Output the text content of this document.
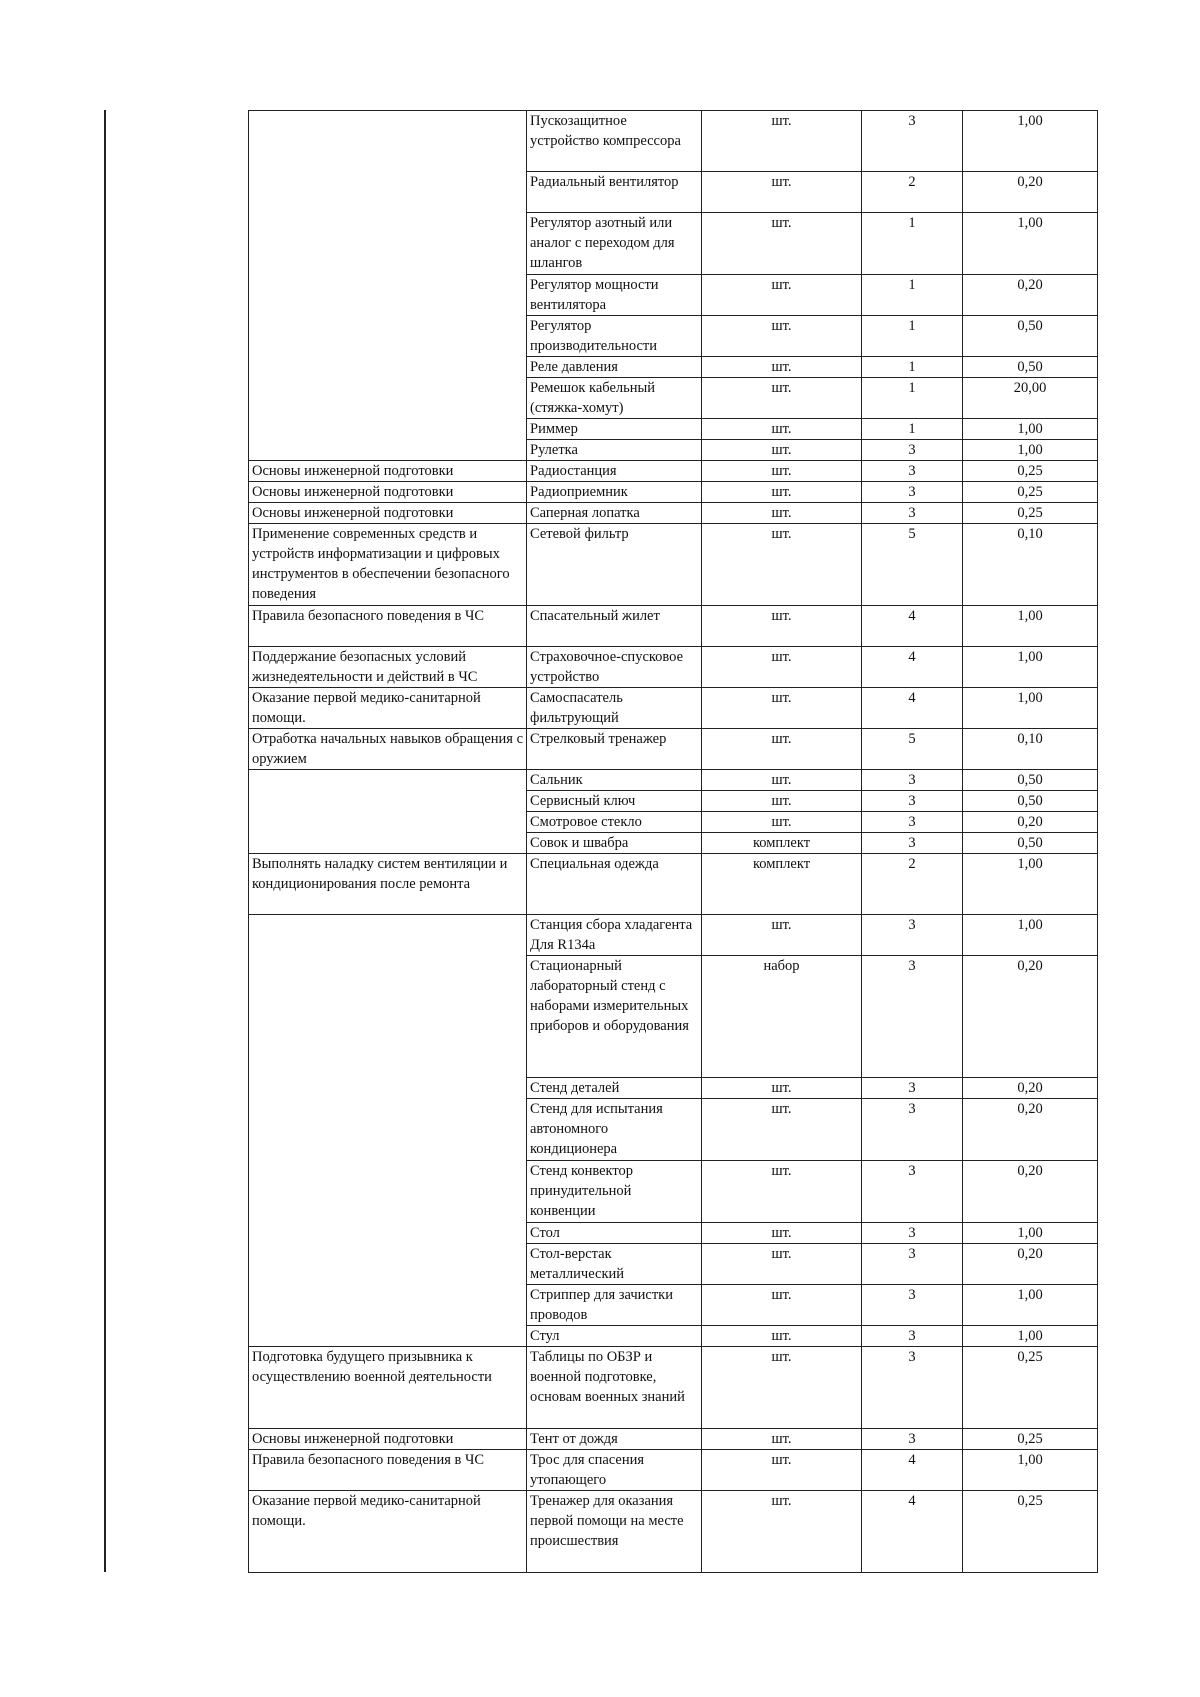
	Пускозащитное устройство компрессора	шт.	3	1,00
	Радиальный вентилятор	шт.	2	0,20
	Регулятор азотный или аналог с переходом для шлангов	шт.	1	1,00
	Регулятор мощности вентилятора	шт.	1	0,20
	Регулятор производительности	шт.	1	0,50
	Реле давления	шт.	1	0,50
	Ремешок кабельный (стяжка-хомут)	шт.	1	20,00
	Риммер	шт.	1	1,00
	Рулетка	шт.	3	1,00
Основы инженерной подготовки	Радиостанция	шт.	3	0,25
Основы инженерной подготовки	Радиоприемник	шт.	3	0,25
Основы инженерной подготовки	Саперная лопатка	шт.	3	0,25
Применение современных средств и устройств информатизации и цифровых инструментов в обеспечении безопасного поведения	Сетевой фильтр	шт.	5	0,10
Правила безопасного поведения в ЧС	Спасательный жилет	шт.	4	1,00
Поддержание безопасных условий жизнедеятельности и действий в ЧС	Страховочное-спусковое устройство	шт.	4	1,00
Оказание первой медико-санитарной помощи.	Самоспасатель фильтрующий	шт.	4	1,00
Отработка начальных навыков обращения с оружием	Стрелковый тренажер	шт.	5	0,10
	Сальник	шт.	3	0,50
	Сервисный ключ	шт.	3	0,50
	Смотровое стекло	шт.	3	0,20
	Совок и швабра	комплект	3	0,50
Выполнять наладку систем вентиляции и кондиционирования после ремонта	Специальная одежда	комплект	2	1,00
	Станция сбора хладагента Для R134a	шт.	3	1,00
	Стационарный лабораторный стенд с наборами измерительных приборов и оборудования	набор	3	0,20
	Стенд деталей	шт.	3	0,20
	Стенд для испытания автономного кондиционера	шт.	3	0,20
	Стенд конвектор принудительной конвенции	шт.	3	0,20
	Стол	шт.	3	1,00
	Стол-верстак металлический	шт.	3	0,20
	Стриппер для зачистки проводов	шт.	3	1,00
	Стул	шт.	3	1,00
Подготовка будущего призывника к осуществлению военной деятельности	Таблицы по ОБЗР и военной подготовке, основам военных знаний	шт.	3	0,25
Основы инженерной подготовки	Тент от дождя	шт.	3	0,25
Правила безопасного поведения в ЧС	Трос для спасения утопающего	шт.	4	1,00
Оказание первой медико-санитарной помощи.	Тренажер для оказания первой помощи на месте происшествия	шт.	4	0,25
